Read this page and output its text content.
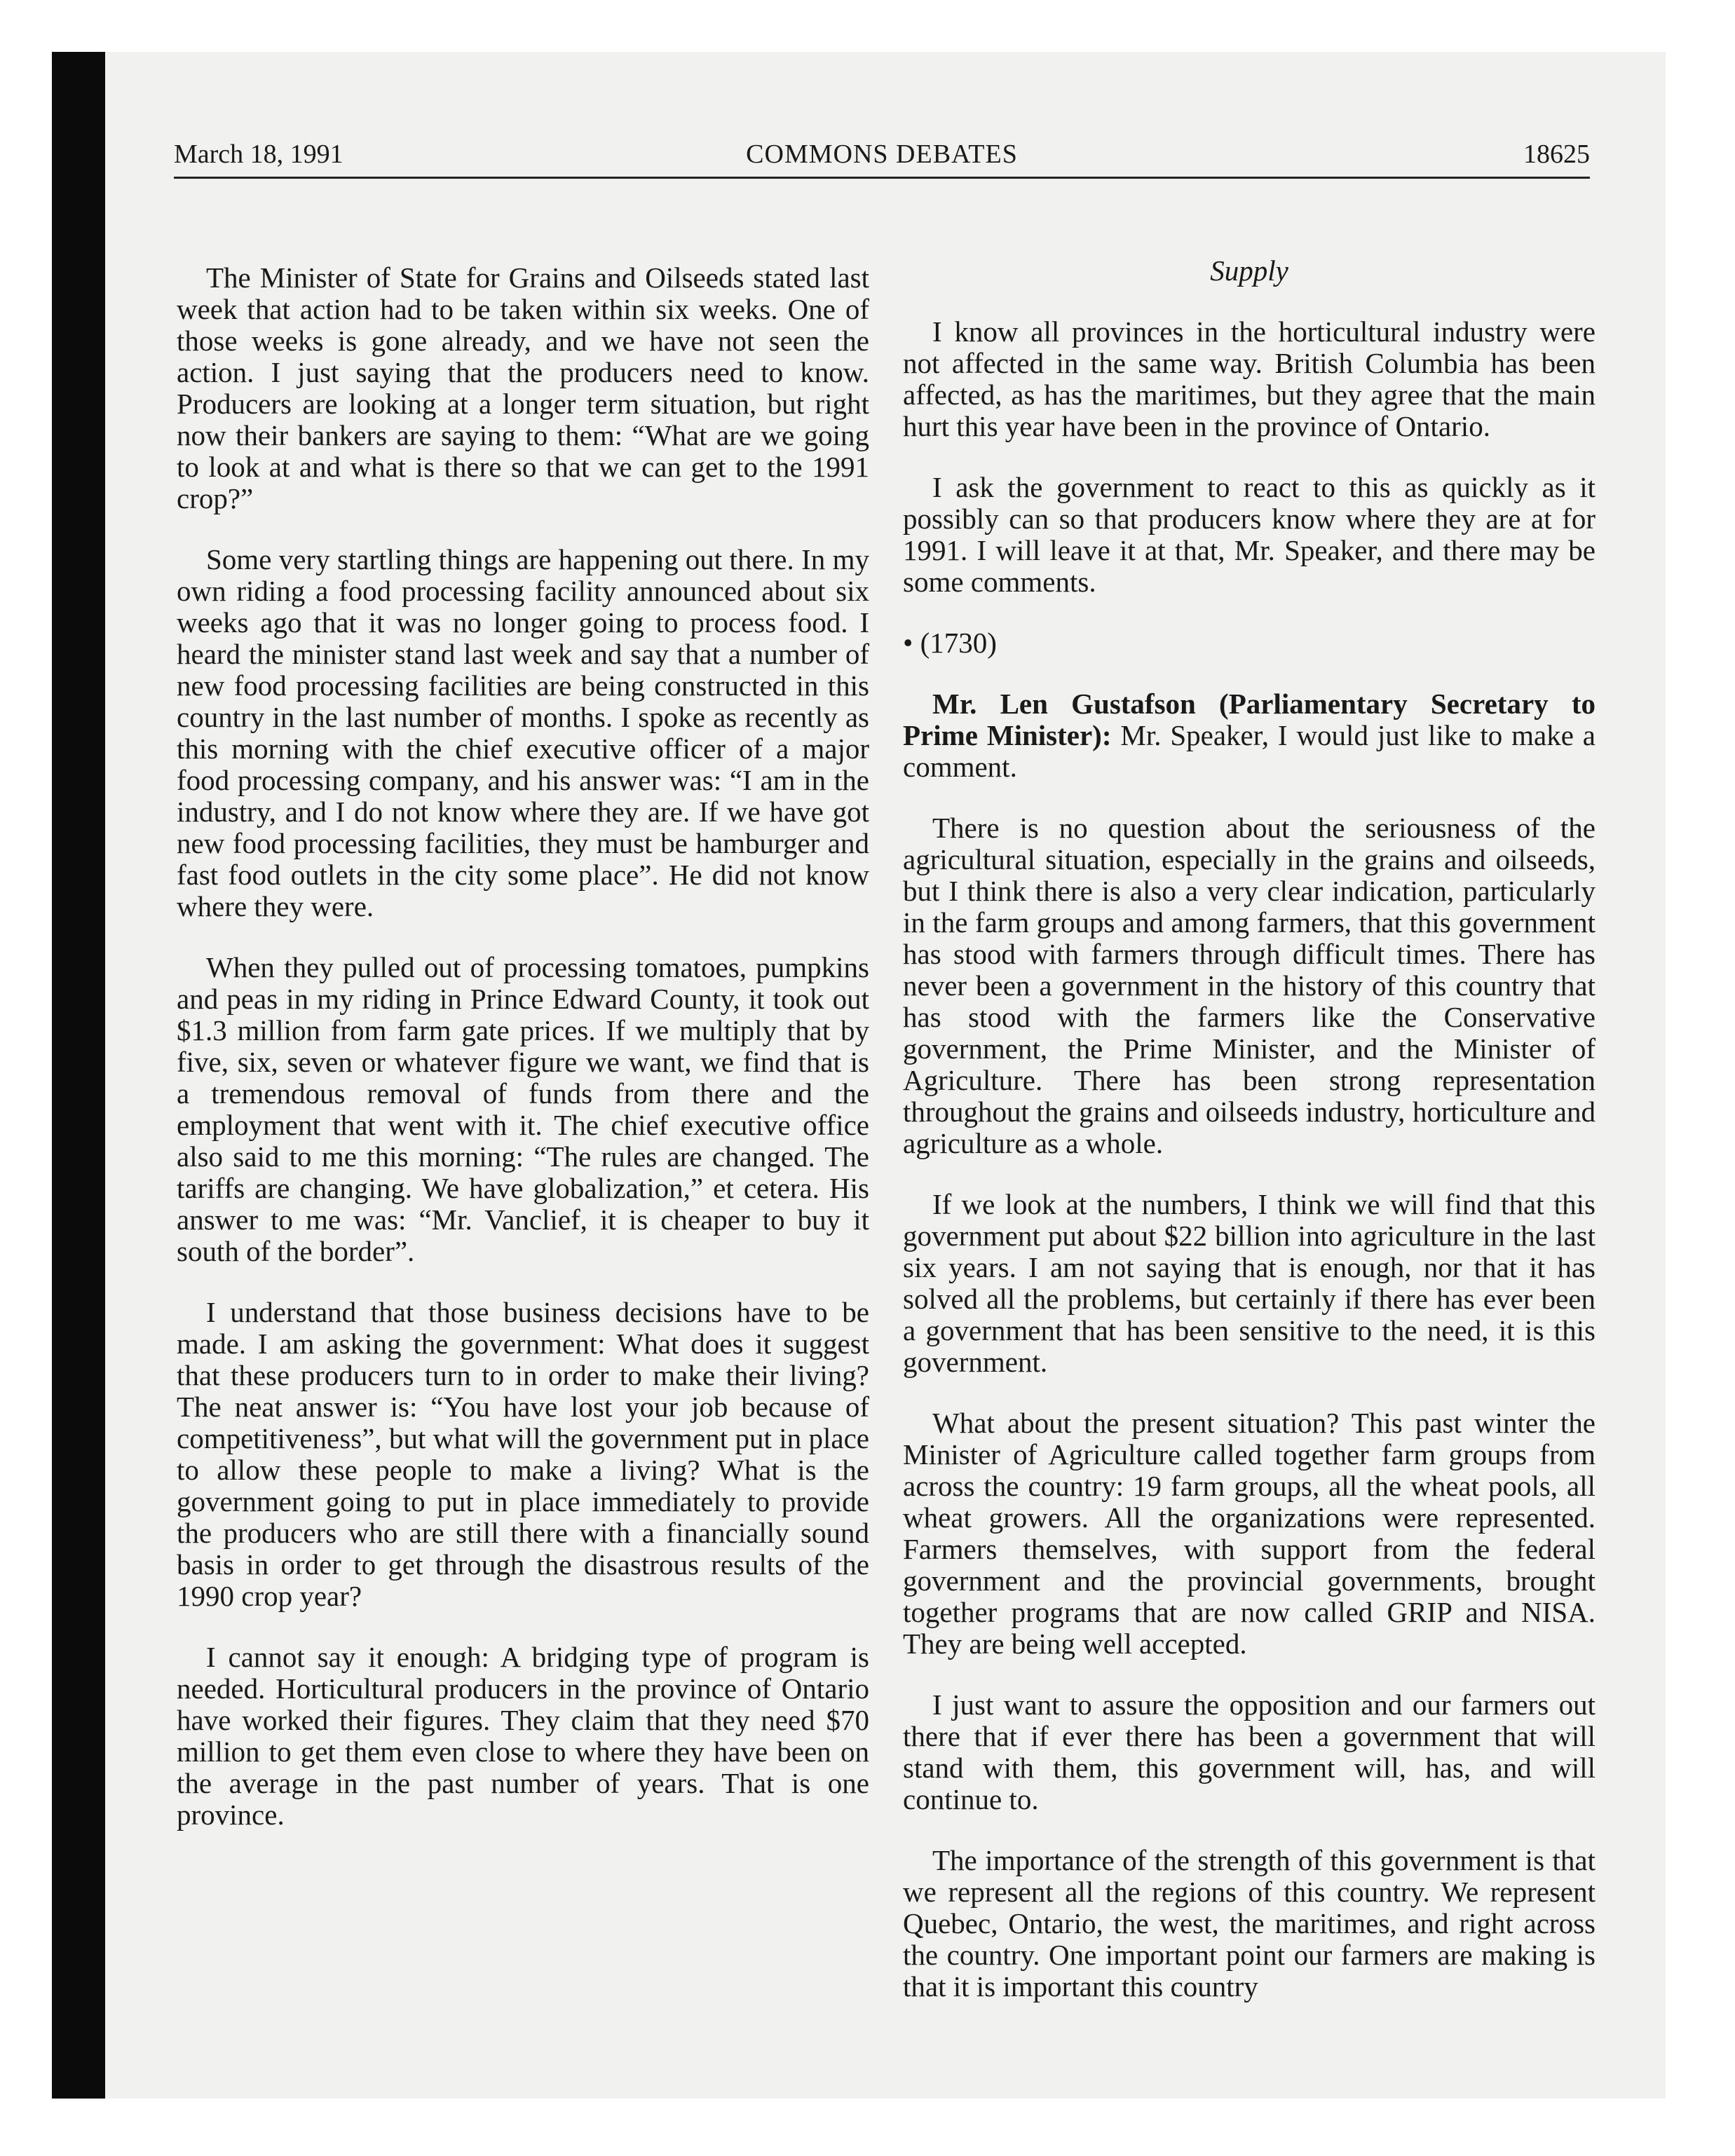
March 18, 1991	COMMONS DEBATES	18625

The Minister of State for Grains and Oilseeds stated last week that action had to be taken within six weeks. One of those weeks is gone already, and we have not seen the action. I just saying that the producers need to know. Producers are looking at a longer term situation, but right now their bankers are saying to them: “What are we going to look at and what is there so that we can get to the 1991 crop?”

Some very startling things are happening out there. In my own riding a food processing facility announced about six weeks ago that it was no longer going to process food. I heard the minister stand last week and say that a number of new food processing facilities are being constructed in this country in the last number of months. I spoke as recently as this morning with the chief executive officer of a major food processing company, and his answer was: “I am in the industry, and I do not know where they are. If we have got new food processing facilities, they must be hamburger and fast food outlets in the city some place”. He did not know where they were.

When they pulled out of processing tomatoes, pumpkins and peas in my riding in Prince Edward County, it took out $1.3 million from farm gate prices. If we multiply that by five, six, seven or whatever figure we want, we find that is a tremendous removal of funds from there and the employment that went with it. The chief executive office also said to me this morning: “The rules are changed. The tariffs are changing. We have globalization,” et cetera. His answer to me was: “Mr. Vanclief, it is cheaper to buy it south of the border”.

I understand that those business decisions have to be made. I am asking the government: What does it suggest that these producers turn to in order to make their living? The neat answer is: “You have lost your job because of competitiveness”, but what will the government put in place to allow these people to make a living? What is the government going to put in place immediately to provide the producers who are still there with a financially sound basis in order to get through the disastrous results of the 1990 crop year?

I cannot say it enough: A bridging type of program is needed. Horticultural producers in the province of Ontario have worked their figures. They claim that they need $70 million to get them even close to where they have been on the average in the past number of years. That is one province.

Supply

I know all provinces in the horticultural industry were not affected in the same way. British Columbia has been affected, as has the maritimes, but they agree that the main hurt this year have been in the province of Ontario.

I ask the government to react to this as quickly as it possibly can so that producers know where they are at for 1991. I will leave it at that, Mr. Speaker, and there may be some comments.

• (1730)

Mr. Len Gustafson (Parliamentary Secretary to Prime Minister): Mr. Speaker, I would just like to make a comment.

There is no question about the seriousness of the agricultural situation, especially in the grains and oilseeds, but I think there is also a very clear indication, particularly in the farm groups and among farmers, that this government has stood with farmers through difficult times. There has never been a government in the history of this country that has stood with the farmers like the Conservative government, the Prime Minister, and the Minister of Agriculture. There has been strong representation throughout the grains and oilseeds industry, horticulture and agriculture as a whole.

If we look at the numbers, I think we will find that this government put about $22 billion into agriculture in the last six years. I am not saying that is enough, nor that it has solved all the problems, but certainly if there has ever been a government that has been sensitive to the need, it is this government.

What about the present situation? This past winter the Minister of Agriculture called together farm groups from across the country: 19 farm groups, all the wheat pools, all wheat growers. All the organizations were represented. Farmers themselves, with support from the federal government and the provincial governments, brought together programs that are now called GRIP and NISA. They are being well accepted.

I just want to assure the opposition and our farmers out there that if ever there has been a government that will stand with them, this government will, has, and will continue to.

The importance of the strength of this government is that we represent all the regions of this country. We represent Quebec, Ontario, the west, the maritimes, and right across the country. One important point our farmers are making is that it is important this country
